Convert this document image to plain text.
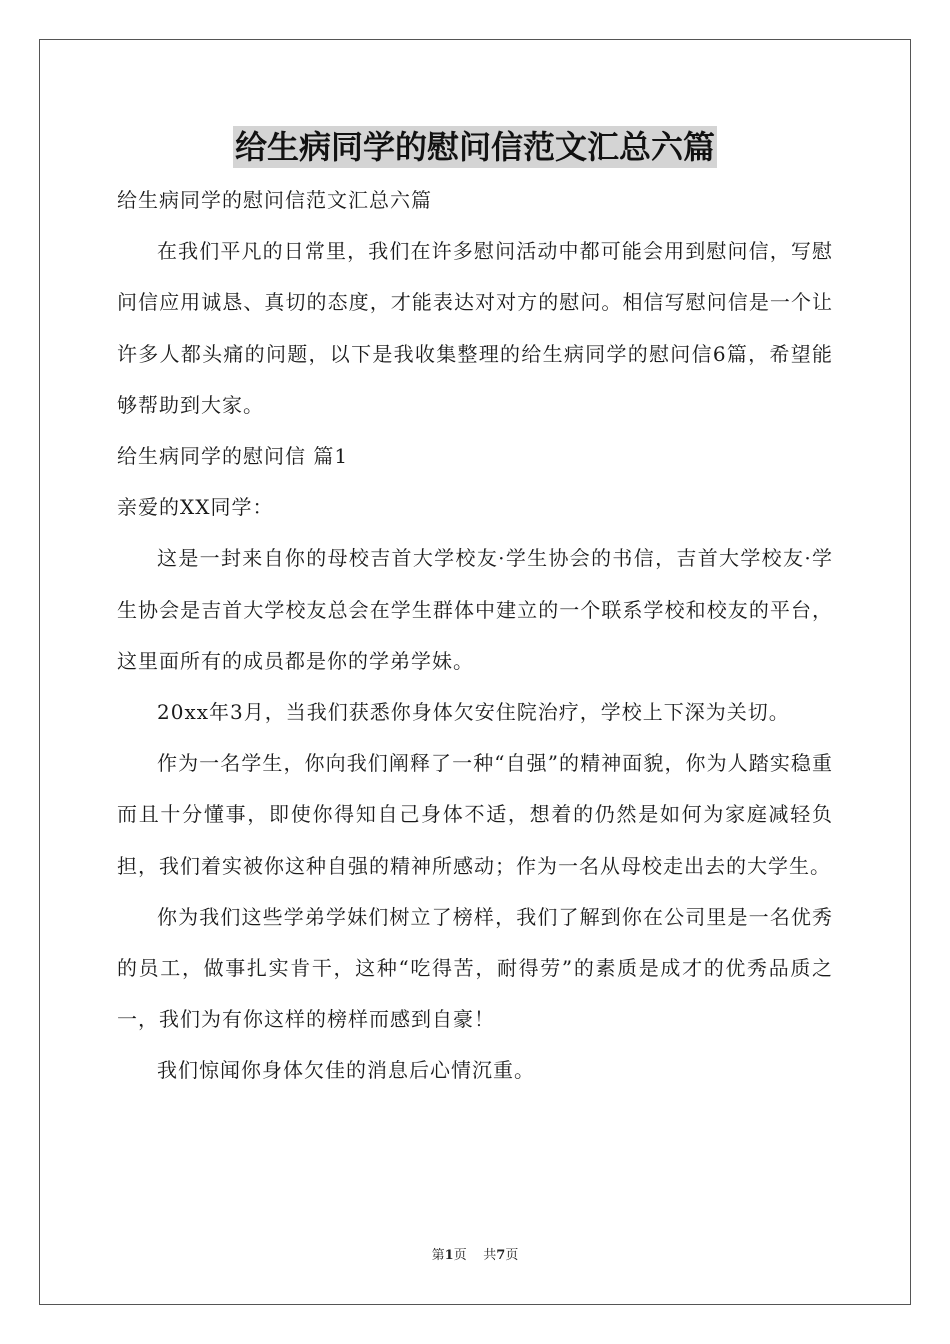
给生病同学的慰问信范文汇总六篇

给生病同学的慰问信范文汇总六篇

在我们平凡的日常里，我们在许多慰问活动中都可能会用到慰问信，写慰问信应用诚恳、真切的态度，才能表达对对方的慰问。相信写慰问信是一个让许多人都头痛的问题，以下是我收集整理的给生病同学的慰问信6篇，希望能够帮助到大家。

给生病同学的慰问信 篇1

亲爱的XX同学：

这是一封来自你的母校吉首大学校友·学生协会的书信，吉首大学校友·学生协会是吉首大学校友总会在学生群体中建立的一个联系学校和校友的平台，这里面所有的成员都是你的学弟学妹。

20xx年3月，当我们获悉你身体欠安住院治疗，学校上下深为关切。

作为一名学生，你向我们阐释了一种“自强”的精神面貌，你为人踏实稳重而且十分懂事，即使你得知自己身体不适，想着的仍然是如何为家庭减轻负担，我们着实被你这种自强的精神所感动；作为一名从母校走出去的大学生。

你为我们这些学弟学妹们树立了榜样，我们了解到你在公司里是一名优秀的员工，做事扎实肯干，这种“吃得苦，耐得劳”的素质是成才的优秀品质之一，我们为有你这样的榜样而感到自豪！

我们惊闻你身体欠佳的消息后心情沉重。

第1页 共7页
